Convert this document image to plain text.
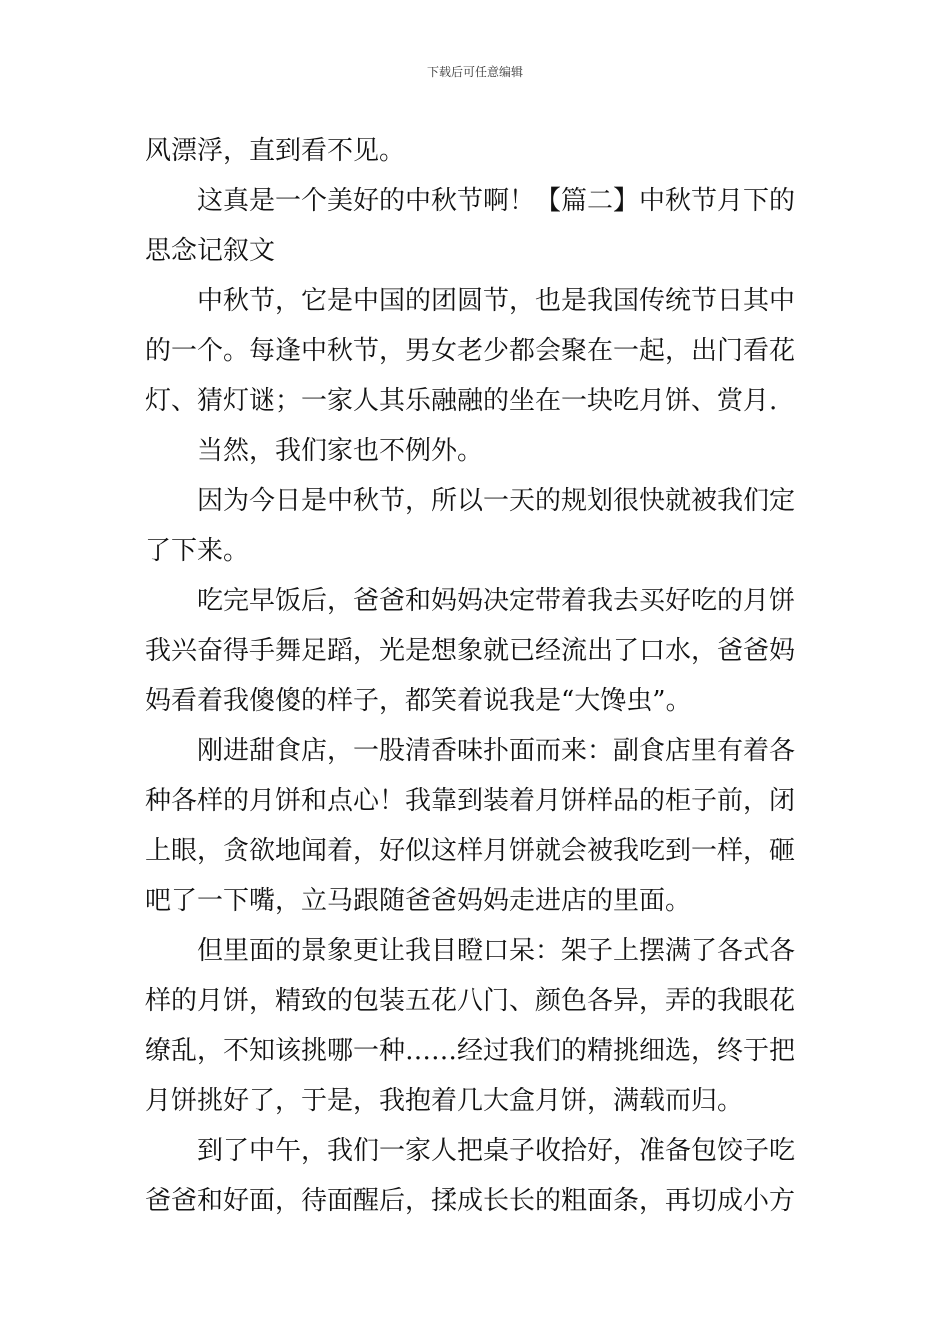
下载后可任意编辑
风漂浮，直到看不见。
这真是一个美好的中秋节啊！【篇二】中秋节月下的
思念记叙文
中秋节，它是中国的团圆节，也是我国传统节日其中
的一个。每逢中秋节，男女老少都会聚在一起，出门看花
灯、猜灯谜；一家人其乐融融的坐在一块吃月饼、赏月.
当然，我们家也不例外。
因为今日是中秋节，所以一天的规划很快就被我们定
了下来。
吃完早饭后，爸爸和妈妈决定带着我去买好吃的月饼
我兴奋得手舞足蹈，光是想象就已经流出了口水，爸爸妈
妈看着我傻傻的样子，都笑着说我是“大馋虫”。
刚进甜食店，一股清香味扑面而来：副食店里有着各
种各样的月饼和点心！我靠到装着月饼样品的柜子前，闭
上眼，贪欲地闻着，好似这样月饼就会被我吃到一样，砸
吧了一下嘴，立马跟随爸爸妈妈走进店的里面。
但里面的景象更让我目瞪口呆：架子上摆满了各式各
样的月饼，精致的包装五花八门、颜色各异，弄的我眼花
缭乱，不知该挑哪一种……经过我们的精挑细选，终于把
月饼挑好了，于是，我抱着几大盒月饼，满载而归。
到了中午，我们一家人把桌子收拾好，准备包饺子吃
爸爸和好面，待面醒后，揉成长长的粗面条，再切成小方
